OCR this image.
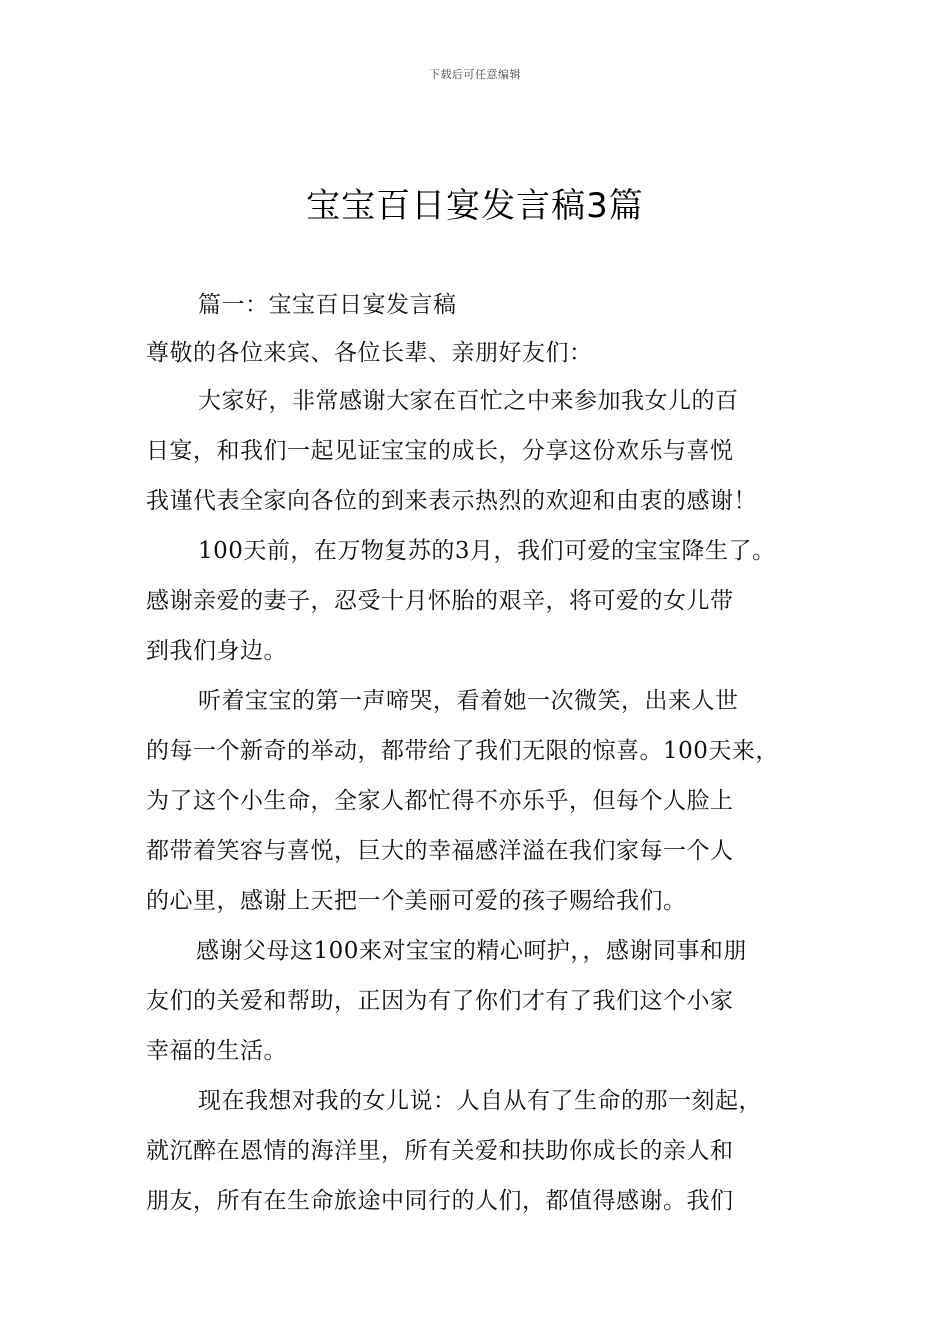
下载后可任意编辑
宝宝百日宴发言稿3篇
篇一：宝宝百日宴发言稿
尊敬的各位来宾、各位长辈、亲朋好友们：
大家好，非常感谢大家在百忙之中来参加我女儿的百
日宴，和我们一起见证宝宝的成长，分享这份欢乐与喜悦
我谨代表全家向各位的到来表示热烈的欢迎和由衷的感谢！
100天前，在万物复苏的3月，我们可爱的宝宝降生了。
感谢亲爱的妻子，忍受十月怀胎的艰辛，将可爱的女儿带
到我们身边。
听着宝宝的第一声啼哭，看着她一次微笑，出来人世
的每一个新奇的举动，都带给了我们无限的惊喜。100天来，
为了这个小生命，全家人都忙得不亦乐乎，但每个人脸上
都带着笑容与喜悦，巨大的幸福感洋溢在我们家每一个人
的心里，感谢上天把一个美丽可爱的孩子赐给我们。
感谢父母这100来对宝宝的精心呵护，，感谢同事和朋
友们的关爱和帮助，正因为有了你们才有了我们这个小家
幸福的生活。
现在我想对我的女儿说：人自从有了生命的那一刻起，
就沉醉在恩情的海洋里，所有关爱和扶助你成长的亲人和
朋友，所有在生命旅途中同行的人们，都值得感谢。我们
